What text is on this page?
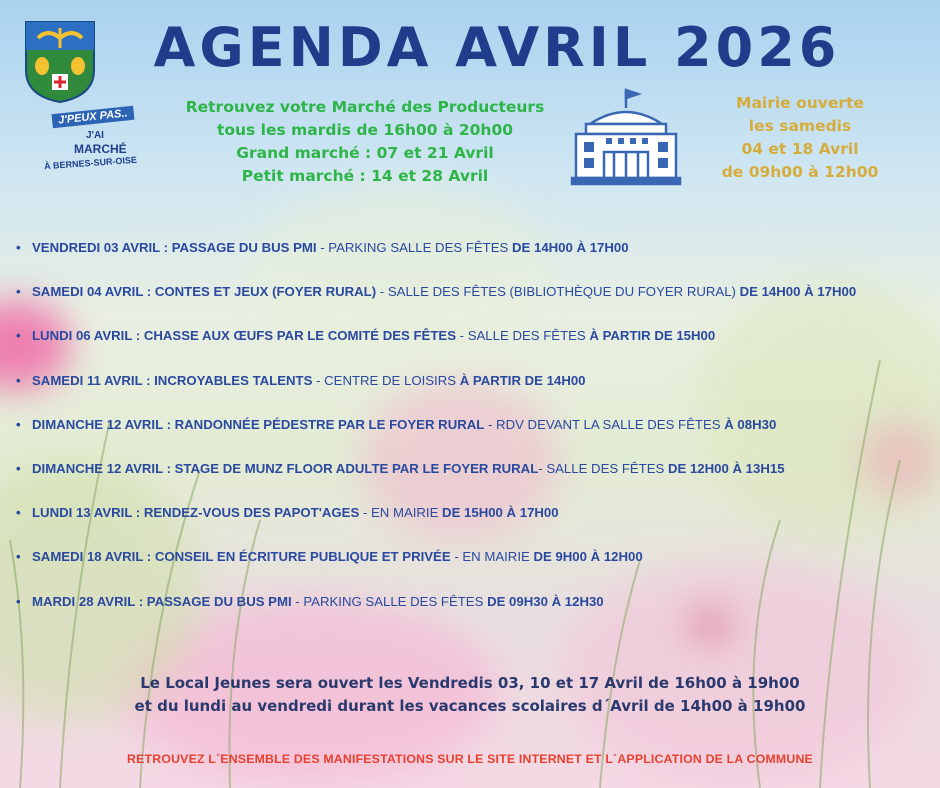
J'PEUX PAS..
J'AI
MARCHÉ
À BERNES-SUR-OISE
AGENDA AVRIL 2026
Retrouvez votre Marché des Producteurs
tous les mardis de 16h00 à 20h00
Grand marché : 07 et 21 Avril
Petit marché : 14 et 28 Avril
Mairie ouverte
les samedis
04 et 18 Avril
de 09h00 à 12h00
• VENDREDI 03 AVRIL : PASSAGE DU BUS PMI - PARKING SALLE DES FÊTES DE 14H00 À 17H00
• SAMEDI 04 AVRIL : CONTES ET JEUX (FOYER RURAL) - SALLE DES FÊTES (BIBLIOTHÈQUE DU FOYER RURAL) DE 14H00 À 17H00
• LUNDI 06 AVRIL : CHASSE AUX ŒUFS PAR LE COMITÉ DES FÊTES - SALLE DES FÊTES À PARTIR DE 15H00
• SAMEDI 11 AVRIL : INCROYABLES TALENTS - CENTRE DE LOISIRS À PARTIR DE 14H00
• DIMANCHE 12 AVRIL : RANDONNÉE PÉDESTRE PAR LE FOYER RURAL - RDV DEVANT LA SALLE DES FÊTES À 08H30
• DIMANCHE 12 AVRIL : STAGE DE MUNZ FLOOR ADULTE PAR LE FOYER RURAL- SALLE DES FÊTES DE 12H00 À 13H15
• LUNDI 13 AVRIL : RENDEZ-VOUS DES PAPOT'AGES - EN MAIRIE DE 15H00 À 17H00
• SAMEDI 18 AVRIL : CONSEIL EN ÉCRITURE PUBLIQUE ET PRIVÉE - EN MAIRIE DE 9H00 À 12H00
• MARDI 28 AVRIL : PASSAGE DU BUS PMI - PARKING SALLE DES FÊTES DE 09H30 À 12H30
Le Local Jeunes sera ouvert les Vendredis 03, 10 et 17 Avril de 16h00 à 19h00
et du lundi au vendredi durant les vacances scolaires d´Avril de 14h00 à 19h00
RETROUVEZ L´ENSEMBLE DES MANIFESTATIONS SUR LE SITE INTERNET ET L´APPLICATION DE LA COMMUNE
